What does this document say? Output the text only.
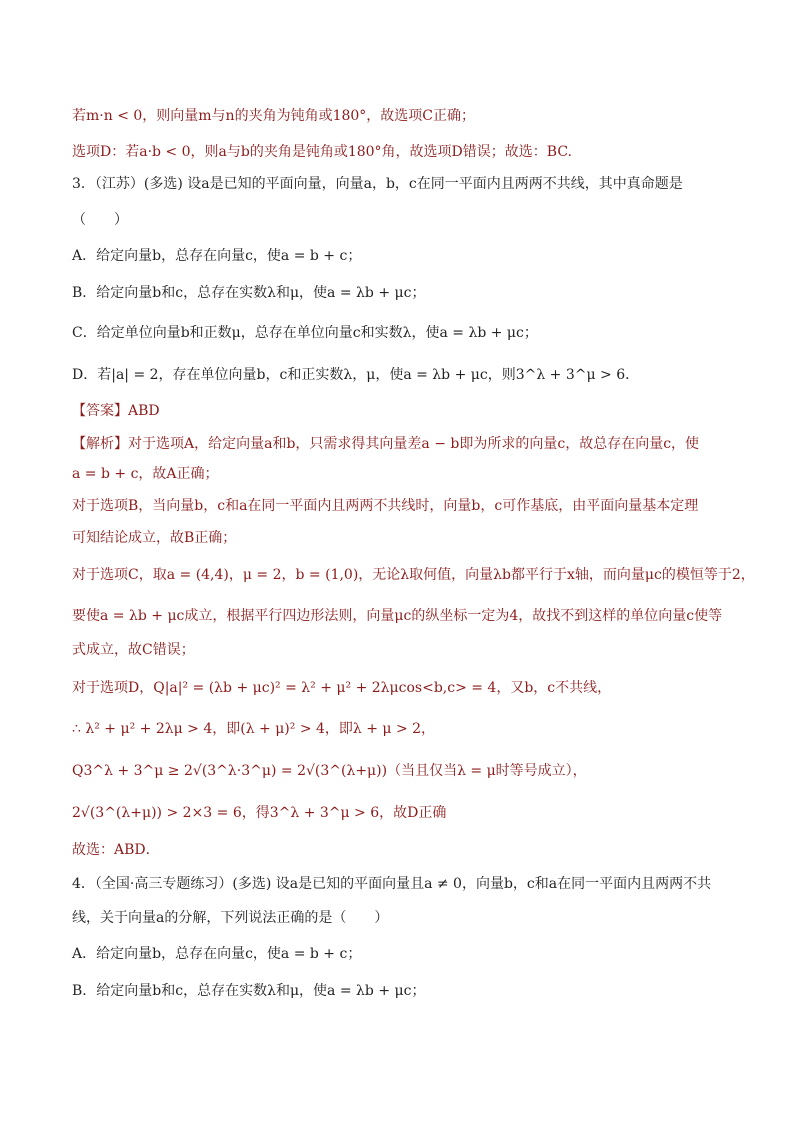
若m·n < 0，则向量m与n的夹角为钝角或180°，故选项C正确；
选项D：若a·b < 0，则a与b的夹角是钝角或180°角，故选项D错误；故选：BC.
3．（江苏）(多选) 设a是已知的平面向量，向量a，b，c在同一平面内且两两不共线，其中真命题是
（　　）
A．给定向量b，总存在向量c，使a = b + c；
B．给定向量b和c，总存在实数λ和μ，使a = λb + μc；
C．给定单位向量b和正数μ，总存在单位向量c和实数λ，使a = λb + μc；
D．若|a| = 2，存在单位向量b，c和正实数λ，μ，使a = λb + μc，则3^λ + 3^μ > 6．
【答案】ABD
【解析】对于选项A，给定向量a和b，只需求得其向量差a − b即为所求的向量c，故总存在向量c，使
a = b + c，故A正确；
对于选项B，当向量b，c和a在同一平面内且两两不共线时，向量b，c可作基底，由平面向量基本定理
可知结论成立，故B正确；
对于选项C，取a = (4,4)，μ = 2，b = (1,0)，无论λ取何值，向量λb都平行于x轴，而向量μc的模恒等于2，
要使a = λb + μc成立，根据平行四边形法则，向量μc的纵坐标一定为4，故找不到这样的单位向量c使等
式成立，故C错误；
对于选项D，Q|a|² = (λb + μc)² = λ² + μ² + 2λμcos<b,c> = 4，又b，c不共线，
∴ λ² + μ² + 2λμ > 4，即(λ + μ)² > 4，即λ + μ > 2，
Q3^λ + 3^μ ≥ 2√(3^λ·3^μ) = 2√(3^(λ+μ))（当且仅当λ = μ时等号成立），
2√(3^(λ+μ)) > 2×3 = 6，得3^λ + 3^μ > 6，故D正确
故选：ABD．
4．（全国·高三专题练习）(多选) 设a是已知的平面向量且a ≠ 0，向量b，c和a在同一平面内且两两不共
线，关于向量a的分解，下列说法正确的是（　　）
A．给定向量b，总存在向量c，使a = b + c；
B．给定向量b和c，总存在实数λ和μ，使a = λb + μc；
